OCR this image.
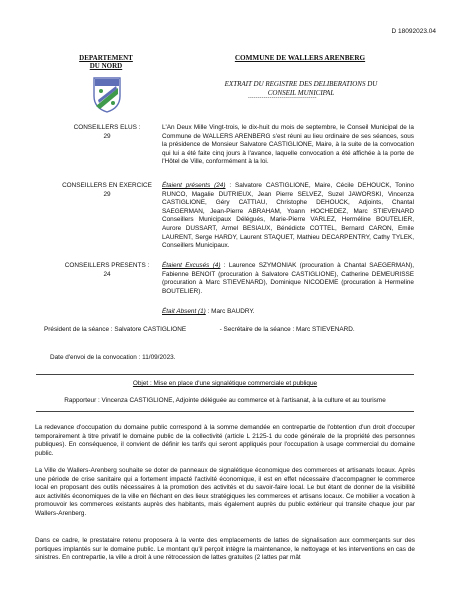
D 18092023.04
DEPARTEMENT
DU NORD
COMMUNE DE WALLERS ARENBERG
EXTRAIT DU REGISTRE DES DELIBERATIONS DU
CONSEIL MUNICIPAL
-----------------------------------
CONSEILLERS ELUS :
29
L'An Deux Mille Vingt-trois, le dix-huit du mois de septembre, le Conseil Municipal de la Commune de WALLERS ARENBERG s'est réuni au lieu ordinaire de ses séances, sous la présidence de Monsieur Salvatore CASTIGLIONE, Maire, à la suite de la convocation qui lui a été faite cinq jours à l'avance, laquelle convocation a été affichée à la porte de l'Hôtel de Ville, conformément à la loi.
CONSEILLERS EN EXERCICE
29
Étaient présents (24) : Salvatore CASTIGLIONE, Maire, Cécile DEHOUCK, Tonino RUNCO, Magalie DUTRIEUX, Jean Pierre SELVEZ, Suzel JAWORSKI, Vincenza CASTIGLIONE, Géry CATTIAU, Christophe DEHOUCK, Adjoints, Chantal SAEGERMAN, Jean-Pierre ABRAHAM, Yoann HOCHEDEZ, Marc STIEVENARD Conseillers Municipaux Délégués, Marie-Pierre VARLEZ, Herméline BOUTELIER, Aurore DUSSART, Armel BESIAUX, Bénédicte COTTEL, Bernard CARON, Emile LAURENT, Serge HARDY, Laurent STAQUET, Mathieu DECARPENTRY, Cathy TYLEK, Conseillers Municipaux.
CONSEILLERS PRESENTS :
24
Étaient Excusés (4) : Laurence SZYMONIAK (procuration à Chantal SAEGERMAN), Fabienne BENOIT (procuration à Salvatore CASTIGLIONE), Catherine DEMEURISSE (procuration à Marc STIEVENARD), Dominique NICODEME (procuration à Hermeline BOUTELIER).
Était Absent (1) : Marc BAUDRY.
Président de la séance : Salvatore CASTIGLIONE	- Secrétaire de la séance : Marc STIEVENARD.
Date d'envoi de la convocation : 11/09/2023.
Objet : Mise en place d'une signalétique commerciale et publique
Rapporteur : Vincenza CASTIGLIONE, Adjointe déléguée au commerce et à l'artisanat, à la culture et au tourisme
La redevance d'occupation du domaine public correspond à la somme demandée en contrepartie de l'obtention d'un droit d'occuper temporairement à titre privatif le domaine public de la collectivité (article L 2125-1 du code générale de la propriété des personnes publiques). En conséquence, il convient de définir les tarifs qui seront appliqués pour l'occupation à usage commercial du domaine public.
La Ville de Wallers-Arenberg souhaite se doter de panneaux de signalétique économique des commerces et artisanats locaux. Après une période de crise sanitaire qui a fortement impacté l'activité économique, il est en effet nécessaire d'accompagner le commerce local en proposant des outils nécessaires à la promotion des activités et du savoir-faire local. Le but étant de donner de la visibilité aux activités économiques de la ville en fléchant en des lieux stratégiques les commerces et artisans locaux. Ce mobilier a vocation à promouvoir les commerces existants auprès des habitants, mais également auprès du public extérieur qui transite chaque jour par Wallers-Arenberg.
Dans ce cadre, le prestataire retenu proposera à la vente des emplacements de lattes de signalisation aux commerçants sur des portiques implantés sur le domaine public. Le montant qu'il perçoit intègre la maintenance, le nettoyage et les interventions en cas de sinistres. En contrepartie, la ville a droit à une rétrocession de lattes gratuites (2 lattes par mât
